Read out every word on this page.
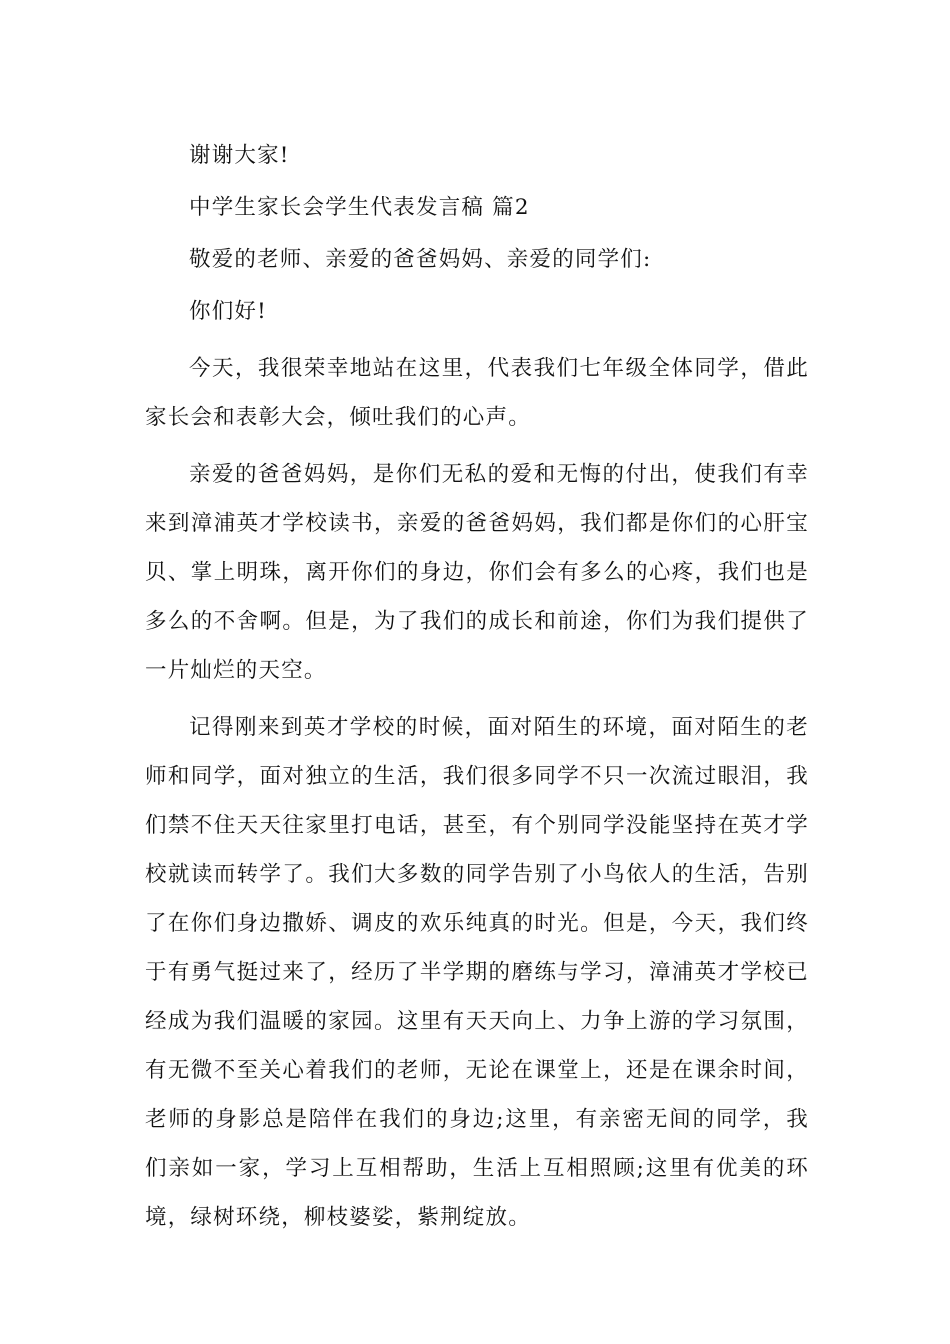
谢谢大家!

中学生家长会学生代表发言稿 篇2

敬爱的老师、亲爱的爸爸妈妈、亲爱的同学们:

你们好!

今天，我很荣幸地站在这里，代表我们七年级全体同学，借此家长会和表彰大会，倾吐我们的心声。

亲爱的爸爸妈妈，是你们无私的爱和无悔的付出，使我们有幸来到漳浦英才学校读书，亲爱的爸爸妈妈，我们都是你们的心肝宝贝、掌上明珠，离开你们的身边，你们会有多么的心疼，我们也是多么的不舍啊。但是，为了我们的成长和前途，你们为我们提供了一片灿烂的天空。

记得刚来到英才学校的时候，面对陌生的环境，面对陌生的老师和同学，面对独立的生活，我们很多同学不只一次流过眼泪，我们禁不住天天往家里打电话，甚至，有个别同学没能坚持在英才学校就读而转学了。我们大多数的同学告别了小鸟依人的生活，告别了在你们身边撒娇、调皮的欢乐纯真的时光。但是，今天，我们终于有勇气挺过来了，经历了半学期的磨练与学习，漳浦英才学校已经成为我们温暖的家园。这里有天天向上、力争上游的学习氛围，有无微不至关心着我们的老师，无论在课堂上，还是在课余时间，老师的身影总是陪伴在我们的身边;这里，有亲密无间的同学，我们亲如一家，学习上互相帮助，生活上互相照顾;这里有优美的环境，绿树环绕，柳枝婆娑，紫荆绽放。
